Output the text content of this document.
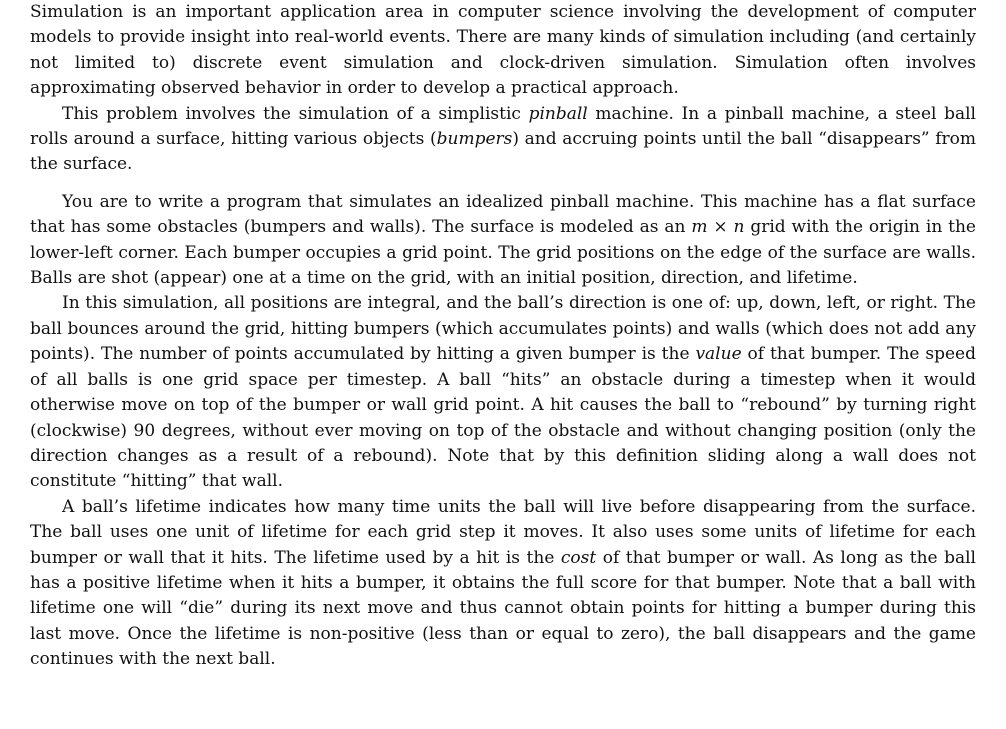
Simulation is an important application area in computer science involving the development of computer models to provide insight into real-world events. There are many kinds of simulation including (and certainly not limited to) discrete event simulation and clock-driven simulation. Simulation often involves approximating observed behavior in order to develop a practical approach.

This problem involves the simulation of a simplistic pinball machine. In a pinball machine, a steel ball rolls around a surface, hitting various objects (bumpers) and accruing points until the ball “disappears” from the surface.

You are to write a program that simulates an idealized pinball machine. This machine has a flat surface that has some obstacles (bumpers and walls). The surface is modeled as an m × n grid with the origin in the lower-left corner. Each bumper occupies a grid point. The grid positions on the edge of the surface are walls. Balls are shot (appear) one at a time on the grid, with an initial position, direction, and lifetime.

In this simulation, all positions are integral, and the ball’s direction is one of: up, down, left, or right. The ball bounces around the grid, hitting bumpers (which accumulates points) and walls (which does not add any points). The number of points accumulated by hitting a given bumper is the value of that bumper. The speed of all balls is one grid space per timestep. A ball “hits” an obstacle during a timestep when it would otherwise move on top of the bumper or wall grid point. A hit causes the ball to “rebound” by turning right (clockwise) 90 degrees, without ever moving on top of the obstacle and without changing position (only the direction changes as a result of a rebound). Note that by this definition sliding along a wall does not constitute “hitting” that wall.

A ball’s lifetime indicates how many time units the ball will live before disappearing from the surface. The ball uses one unit of lifetime for each grid step it moves. It also uses some units of lifetime for each bumper or wall that it hits. The lifetime used by a hit is the cost of that bumper or wall. As long as the ball has a positive lifetime when it hits a bumper, it obtains the full score for that bumper. Note that a ball with lifetime one will “die” during its next move and thus cannot obtain points for hitting a bumper during this last move. Once the lifetime is non-positive (less than or equal to zero), the ball disappears and the game continues with the next ball.
